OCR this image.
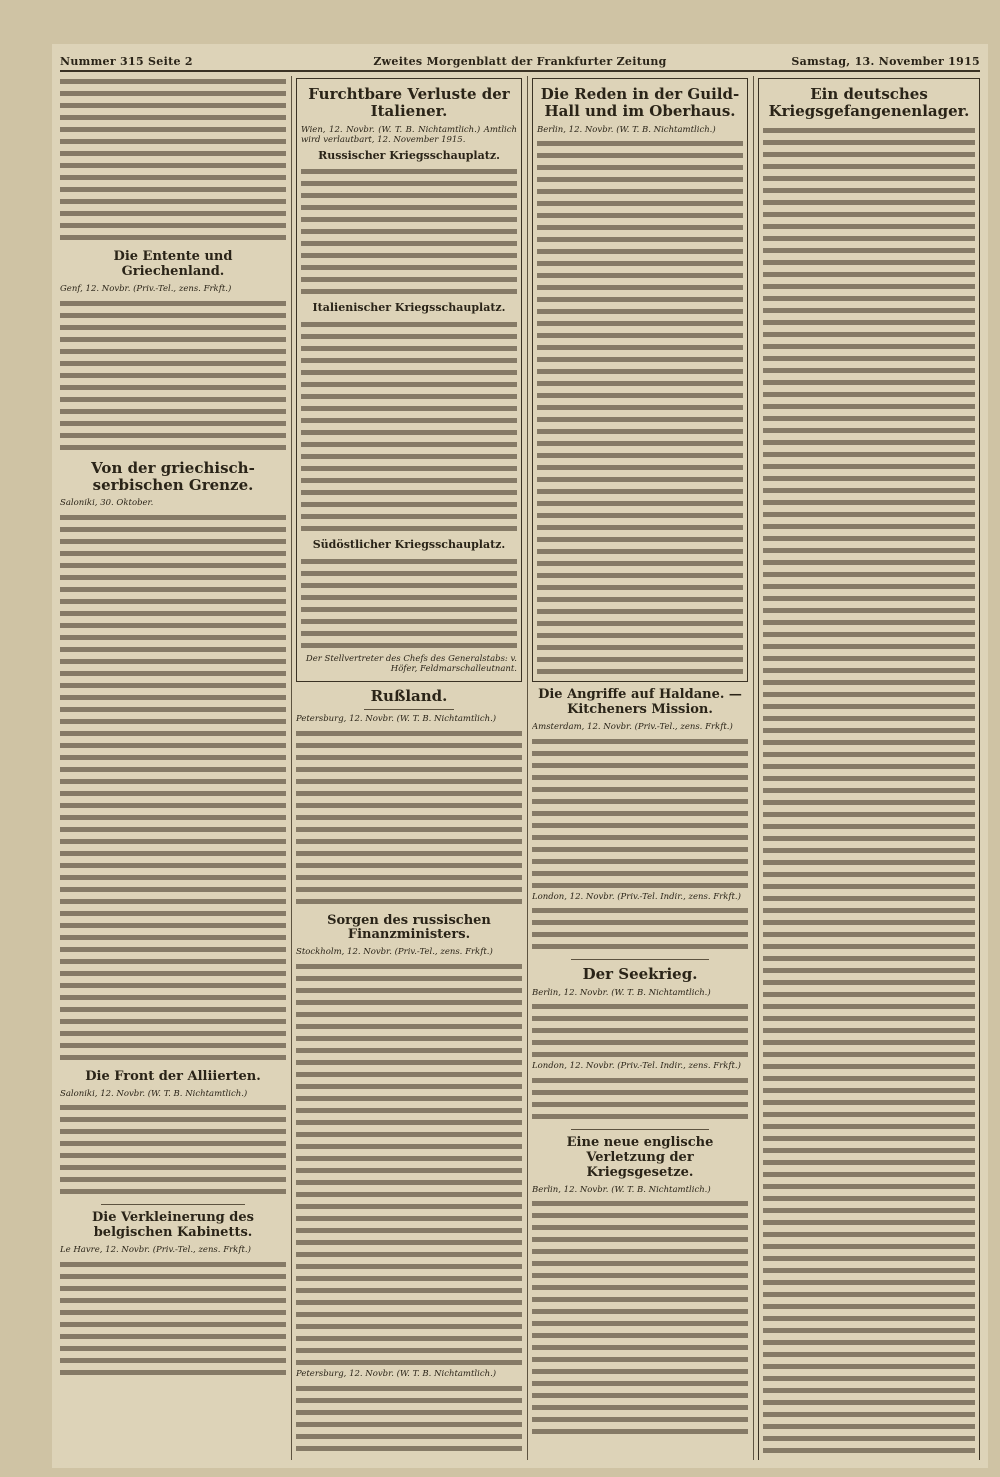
Nummer 315 Seite 2	Zweites Morgenblatt der Frankfurter Zeitung	Samstag, 13. November 1915
Die Entente und Griechenland.
Genf, 12. Novbr. (Priv.-Tel., zens. Frkft.)
Von der griechisch-serbischen Grenze.
Saloniki, 30. Oktober.
Die Front der Alliierten.
Saloniki, 12. Novbr. (W. T. B. Nichtamtlich.)
Die Verkleinerung des belgischen Kabinetts.
Le Havre, 12. Novbr. (Priv.-Tel., zens. Frkft.)
Furchtbare Verluste der Italiener.
Wien, 12. Novbr. (W. T. B. Nichtamtlich.) Amtlich wird verlautbart, 12. November 1915.
Russischer Kriegsschauplatz.
Italienischer Kriegsschauplatz.
Südöstlicher Kriegsschauplatz.
Der Stellvertreter des Chefs des Generalstabs: v. Höfer, Feldmarschalleutnant.
Rußland.
Petersburg, 12. Novbr. (W. T. B. Nichtamtlich.)
Sorgen des russischen Finanzministers.
Stockholm, 12. Novbr. (Priv.-Tel., zens. Frkft.)
Petersburg, 12. Novbr. (W. T. B. Nichtamtlich.)
Die Reden in der Guild-Hall und im Oberhaus.
Berlin, 12. Novbr. (W. T. B. Nichtamtlich.)
Die Angriffe auf Haldane. — Kitcheners Mission.
Amsterdam, 12. Novbr. (Priv.-Tel., zens. Frkft.)
London, 12. Novbr. (Priv.-Tel. Indir., zens. Frkft.)
Der Seekrieg.
Berlin, 12. Novbr. (W. T. B. Nichtamtlich.)
London, 12. Novbr. (Priv.-Tel. Indir., zens. Frkft.)
Eine neue englische Verletzung der Kriegsgesetze.
Berlin, 12. Novbr. (W. T. B. Nichtamtlich.)
Ein deutsches Kriegsgefangenenlager.
